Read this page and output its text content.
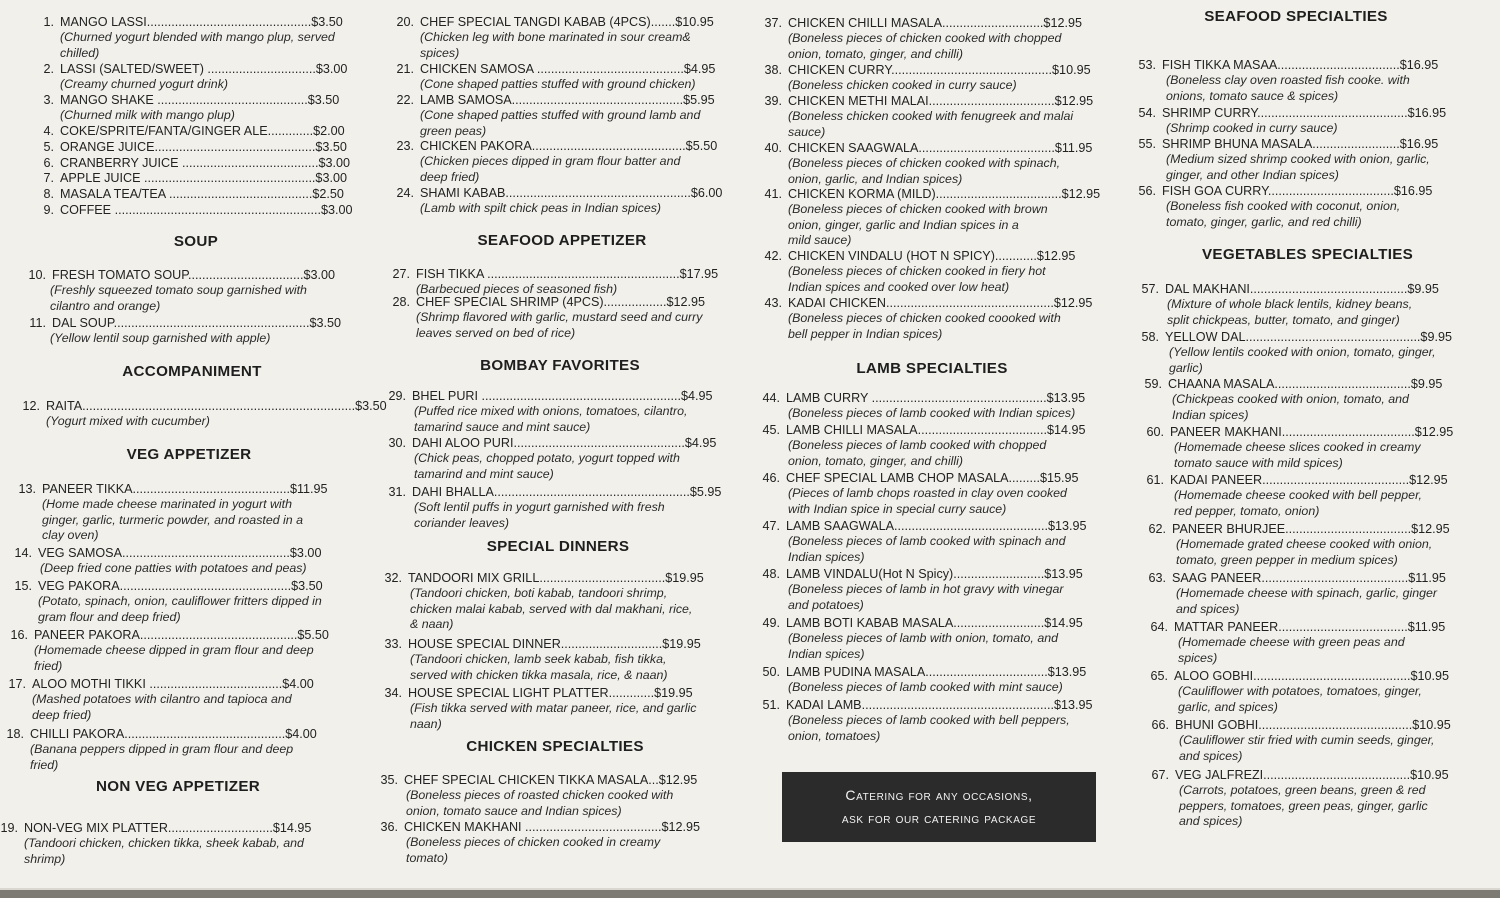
1. MANGO LASSI...............................................$3.50
(Churned yogurt blended with mango plup, served
chilled)
2. LASSI (SALTED/SWEET) ...............................$3.00
(Creamy churned yogurt drink)
3. MANGO SHAKE ...........................................$3.50
(Churned milk with mango plup)
4. COKE/SPRITE/FANTA/GINGER ALE.............$2.00
5. ORANGE JUICE..............................................$3.50
6. CRANBERRY JUICE .......................................$3.00
7. APPLE JUICE .................................................$3.00
8. MASALA TEA/TEA .........................................$2.50
9. COFFEE ...........................................................$3.00
SOUP
10. FRESH TOMATO SOUP.................................$3.00
(Freshly squeezed tomato soup garnished with
cilantro and orange)
11. DAL SOUP........................................................$3.50
(Yellow lentil soup garnished with apple)
ACCOMPANIMENT
12. RAITA..............................................................................$3.50
(Yogurt mixed with cucumber)
VEG APPETIZER
13. PANEER TIKKA.............................................$11.95
(Home made cheese marinated in yogurt with
ginger, garlic, turmeric powder, and roasted in a
clay oven)
14. VEG SAMOSA................................................$3.00
(Deep fried cone patties with potatoes and peas)
15. VEG PAKORA.................................................$3.50
(Potato, spinach, onion, cauliflower fritters dipped in
gram flour and deep fried)
16. PANEER PAKORA.............................................$5.50
(Homemade cheese dipped in gram flour and deep
fried)
17. ALOO MOTHI TIKKI ......................................$4.00
(Mashed potatoes with cilantro and tapioca and
deep fried)
18. CHILLI PAKORA..............................................$4.00
(Banana peppers dipped in gram flour and deep
fried)
NON VEG APPETIZER
19. NON-VEG MIX PLATTER..............................$14.95
(Tandoori chicken, chicken tikka, sheek kabab, and
shrimp)
20. CHEF SPECIAL TANGDI KABAB (4PCS).......$10.95
(Chicken leg with bone marinated in sour cream&
spices)
21. CHICKEN SAMOSA ..........................................$4.95
(Cone shaped patties stuffed with ground chicken)
22. LAMB SAMOSA.................................................$5.95
(Cone shaped patties stuffed with ground lamb and
green peas)
23. CHICKEN PAKORA............................................$5.50
(Chicken pieces dipped in gram flour batter and
deep fried)
24. SHAMI KABAB.....................................................$6.00
(Lamb with spilt chick peas in Indian spices)
SEAFOOD APPETIZER
27. FISH TIKKA .......................................................$17.95
(Barbecued pieces of seasoned fish)
28. CHEF SPECIAL SHRIMP (4PCS)..................$12.95
(Shrimp flavored with garlic, mustard seed and curry
leaves served on bed of rice)
BOMBAY FAVORITES
29. BHEL PURI .........................................................$4.95
(Puffed rice mixed with onions, tomatoes, cilantro,
tamarind sauce and mint sauce)
30. DAHI ALOO PURI.................................................$4.95
(Chick peas, chopped potato, yogurt topped with
tamarind and mint sauce)
31. DAHI BHALLA........................................................$5.95
(Soft lentil puffs in yogurt garnished with fresh
coriander leaves)
SPECIAL DINNERS
32. TANDOORI MIX GRILL....................................$19.95
(Tandoori chicken, boti kabab, tandoori shrimp,
chicken malai kabab, served with dal makhani, rice,
& naan)
33. HOUSE SPECIAL DINNER.............................$19.95
(Tandoori chicken, lamb seek kabab, fish tikka,
served with chicken tikka masala, rice, & naan)
34. HOUSE SPECIAL LIGHT PLATTER.............$19.95
(Fish tikka served with matar paneer, rice, and garlic
naan)
CHICKEN SPECIALTIES
35. CHEF SPECIAL CHICKEN TIKKA MASALA...$12.95
(Boneless pieces of roasted chicken cooked with
onion, tomato sauce and Indian spices)
36. CHICKEN MAKHANI .......................................$12.95
(Boneless pieces of chicken cooked in creamy
tomato)
37. CHICKEN CHILLI MASALA.............................$12.95
(Boneless pieces of chicken cooked with chopped
onion, tomato, ginger, and chilli)
38. CHICKEN CURRY..............................................$10.95
(Boneless chicken cooked in curry sauce)
39. CHICKEN METHI MALAI....................................$12.95
(Boneless chicken cooked with fenugreek and malai
sauce)
40. CHICKEN SAAGWALA.......................................$11.95
(Boneless pieces of chicken cooked with spinach,
onion, garlic, and Indian spices)
41. CHICKEN KORMA (MILD)....................................$12.95
(Boneless pieces of chicken cooked with brown
onion, ginger, garlic and Indian spices in a
mild sauce)
42. CHICKEN VINDALU (HOT N SPICY)............$12.95
(Boneless pieces of chicken cooked in fiery hot
Indian spices and cooked over low heat)
43. KADAI CHICKEN................................................$12.95
(Boneless pieces of chicken cooked coooked with
bell pepper in Indian spices)
LAMB SPECIALTIES
44. LAMB CURRY ..................................................$13.95
(Boneless pieces of lamb cooked with Indian spices)
45. LAMB CHILLI MASALA.....................................$14.95
(Boneless pieces of lamb cooked with chopped
onion, tomato, ginger, and chilli)
46. CHEF SPECIAL LAMB CHOP MASALA.........$15.95
(Pieces of lamb chops roasted in clay oven cooked
with Indian spice in special curry sauce)
47. LAMB SAAGWALA............................................$13.95
(Boneless pieces of lamb cooked with spinach and
Indian spices)
48. LAMB VINDALU(Hot N Spicy)..........................$13.95
(Boneless pieces of lamb in hot gravy with vinegar
and potatoes)
49. LAMB BOTI KABAB MASALA..........................$14.95
(Boneless pieces of lamb with onion, tomato, and
Indian spices)
50. LAMB PUDINA MASALA...................................$13.95
(Boneless pieces of lamb cooked with mint sauce)
51. KADAI LAMB.......................................................$13.95
(Boneless pieces of lamb cooked with bell peppers,
onion, tomatoes)
Catering for any occasions,
ask for our catering package
SEAFOOD SPECIALTIES
53. FISH TIKKA MASAA...................................$16.95
(Boneless clay oven roasted fish cooke. with
onions, tomato sauce & spices)
54. SHRIMP CURRY...........................................$16.95
(Shrimp cooked in curry sauce)
55. SHRIMP BHUNA MASALA.........................$16.95
(Medium sized shrimp cooked with onion, garlic,
ginger, and other Indian spices)
56. FISH GOA CURRY....................................$16.95
(Boneless fish cooked with coconut, onion,
tomato, ginger, garlic, and red chilli)
VEGETABLES SPECIALTIES
57. DAL MAKHANI.............................................$9.95
(Mixture of whole black lentils, kidney beans,
split chickpeas, butter, tomato, and ginger)
58. YELLOW DAL..................................................$9.95
(Yellow lentils cooked with onion, tomato, ginger,
garlic)
59. CHAANA MASALA.......................................$9.95
(Chickpeas cooked with onion, tomato, and
Indian spices)
60. PANEER MAKHANI......................................$12.95
(Homemade cheese slices cooked in creamy
tomato sauce with mild spices)
61. KADAI PANEER..........................................$12.95
(Homemade cheese cooked with bell pepper,
red pepper, tomato, onion)
62. PANEER BHURJEE....................................$12.95
(Homemade grated cheese cooked with onion,
tomato, green pepper in medium spices)
63. SAAG PANEER..........................................$11.95
(Homemade cheese with spinach, garlic, ginger
and spices)
64. MATTAR PANEER.....................................$11.95
(Homemade cheese with green peas and
spices)
65. ALOO GOBHI.............................................$10.95
(Cauliflower with potatoes, tomatoes, ginger,
garlic, and spices)
66. BHUNI GOBHI............................................$10.95
(Cauliflower stir fried with cumin seeds, ginger,
and spices)
67. VEG JALFREZI..........................................$10.95
(Carrots, potatoes, green beans, green & red
peppers, tomatoes, green peas, ginger, garlic
and spices)
